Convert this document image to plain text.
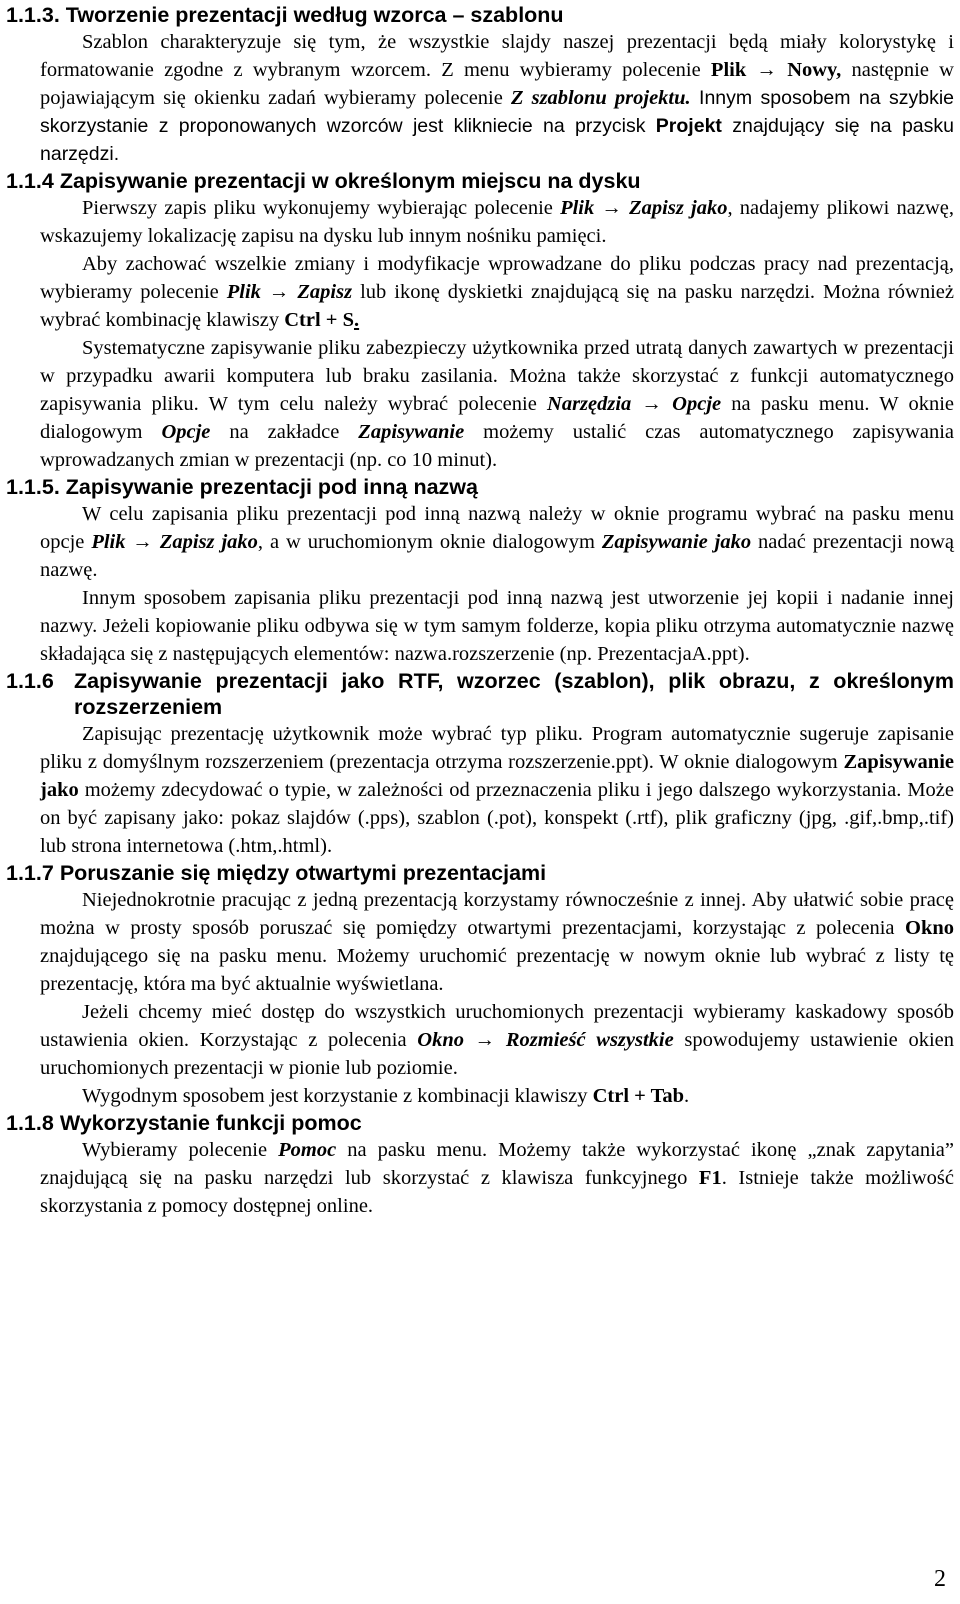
1.1.3. Tworzenie prezentacji według wzorca – szablonu

Szablon charakteryzuje się tym, że wszystkie slajdy naszej prezentacji będą miały kolorystykę i formatowanie zgodne z wybranym wzorcem. Z menu wybieramy polecenie Plik → Nowy, następnie w pojawiającym się okienku zadań wybieramy polecenie Z szablonu projektu. Innym sposobem na szybkie skorzystanie z proponowanych wzorców jest klikniecie na przycisk Projekt znajdujący się na pasku narzędzi.

1.1.4 Zapisywanie prezentacji w określonym miejscu na dysku

Pierwszy zapis pliku wykonujemy wybierając polecenie Plik → Zapisz jako, nadajemy plikowi nazwę, wskazujemy lokalizację zapisu na dysku lub innym nośniku pamięci.

Aby zachować wszelkie zmiany i modyfikacje wprowadzane do pliku podczas pracy nad prezentacją, wybieramy polecenie Plik → Zapisz lub ikonę dyskietki znajdującą się na pasku narzędzi. Można również wybrać kombinację klawiszy Ctrl + S.

Systematyczne zapisywanie pliku zabezpieczy użytkownika przed utratą danych zawartych w prezentacji w przypadku awarii komputera lub braku zasilania. Można także skorzystać z funkcji automatycznego zapisywania pliku. W tym celu należy wybrać polecenie Narzędzia → Opcje na pasku menu. W oknie dialogowym Opcje na zakładce Zapisywanie możemy ustalić czas automatycznego zapisywania wprowadzanych zmian w prezentacji (np. co 10 minut).

1.1.5. Zapisywanie prezentacji pod inną nazwą

W celu zapisania pliku prezentacji pod inną nazwą należy w oknie programu wybrać na pasku menu opcje Plik → Zapisz jako, a w uruchomionym oknie dialogowym Zapisywanie jako nadać prezentacji nową nazwę.

Innym sposobem zapisania pliku prezentacji pod inną nazwą jest utworzenie jej kopii i nadanie innej nazwy. Jeżeli kopiowanie pliku odbywa się w tym samym folderze, kopia pliku otrzyma automatycznie nazwę składająca się z następujących elementów: nazwa.rozszerzenie (np. PrezentacjaA.ppt).

1.1.6 Zapisywanie prezentacji jako RTF, wzorzec (szablon), plik obrazu, z określonym rozszerzeniem

Zapisując prezentację użytkownik może wybrać typ pliku. Program automatycznie sugeruje zapisanie pliku z domyślnym rozszerzeniem (prezentacja otrzyma rozszerzenie.ppt). W oknie dialogowym Zapisywanie jako możemy zdecydować o typie, w zależności od przeznaczenia pliku i jego dalszego wykorzystania. Może on być zapisany jako: pokaz slajdów (.pps), szablon (.pot), konspekt (.rtf), plik graficzny (jpg, .gif,.bmp,.tif) lub strona internetowa (.htm,.html).

1.1.7 Poruszanie się między otwartymi prezentacjami

Niejednokrotnie pracując z jedną prezentacją korzystamy równocześnie z innej. Aby ułatwić sobie pracę można w prosty sposób poruszać się pomiędzy otwartymi prezentacjami, korzystając z polecenia Okno znajdującego się na pasku menu. Możemy uruchomić prezentację w nowym oknie lub wybrać z listy tę prezentację, która ma być aktualnie wyświetlana.

Jeżeli chcemy mieć dostęp do wszystkich uruchomionych prezentacji wybieramy kaskadowy sposób ustawienia okien. Korzystając z polecenia Okno → Rozmieść wszystkie spowodujemy ustawienie okien uruchomionych prezentacji w pionie lub poziomie.

Wygodnym sposobem jest korzystanie z kombinacji klawiszy Ctrl + Tab.

1.1.8 Wykorzystanie funkcji pomoc

Wybieramy polecenie Pomoc na pasku menu. Możemy także wykorzystać ikonę „znak zapytania” znajdującą się na pasku narzędzi lub skorzystać z klawisza funkcyjnego F1. Istnieje także możliwość skorzystania z pomocy dostępnej online.

2
